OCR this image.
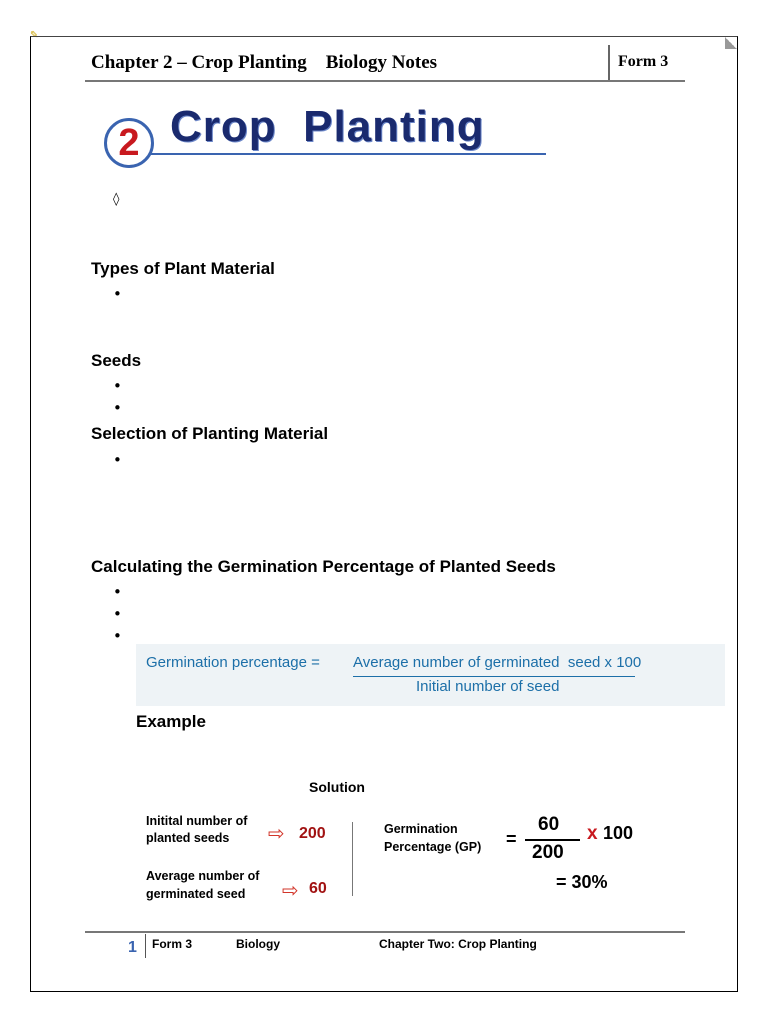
✎
Chapter 2 – Crop Planting    Biology Notes	Form 3
2 Crop  Planting
◊
Types of Plant Material
•
Seeds
•
•
Selection of Planting Material
•
Calculating the Germination Percentage of Planted Seeds
•
•
•
Germination percentage = Average number of germinated  seed x 100
Initial number of seed
Example
Solution
Initital number of
planted seeds ⇨ 200
Average number of
germinated seed ⇨ 60
Germination
Percentage (GP) =
60
200
x 100
= 30%
1 Form 3	Biology	Chapter Two: Crop Planting
